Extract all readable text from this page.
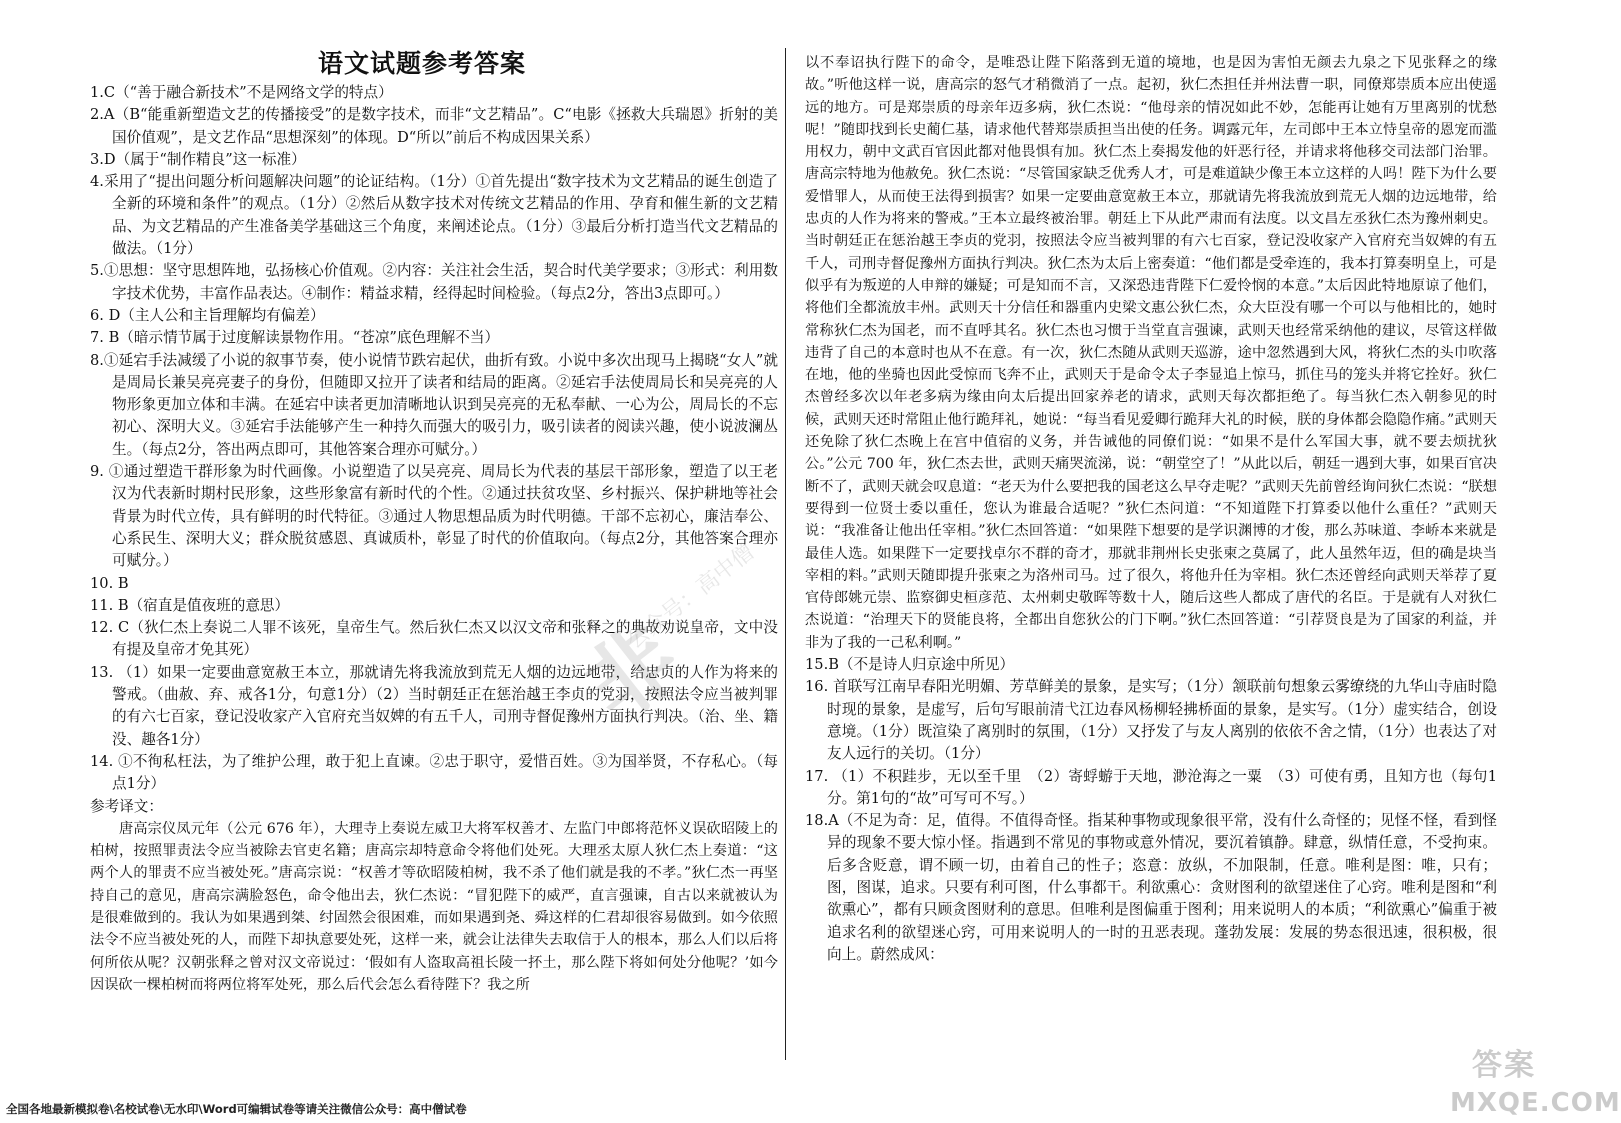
语文试题参考答案

1.C（“善于融合新技术”不是网络文学的特点）

2.A（B“能重新塑造文艺的传播接受”的是数字技术，而非“文艺精品”。C“电影《拯救大兵瑞恩》折射的美国价值观”，是文艺作品“思想深刻”的体现。D“所以”前后不构成因果关系）

3.D（属于“制作精良”这一标准）

4.采用了“提出问题分析问题解决问题”的论证结构。（1分）①首先提出“数字技术为文艺精品的诞生创造了全新的环境和条件”的观点。（1分）②然后从数字技术对传统文艺精品的作用、孕育和催生新的文艺精品、为文艺精品的产生准备美学基础这三个角度，来阐述论点。（1分）③最后分析打造当代文艺精品的做法。（1分）

5.①思想：坚守思想阵地，弘扬核心价值观。②内容：关注社会生活，契合时代美学要求；③形式：利用数字技术优势，丰富作品表达。④制作：精益求精，经得起时间检验。（每点2分，答出3点即可。）

6. D（主人公和主旨理解均有偏差）

7. B（暗示情节属于过度解读景物作用。“苍凉”底色理解不当）

8.①延宕手法减缓了小说的叙事节奏，使小说情节跌宕起伏，曲折有致。小说中多次出现马上揭晓“女人”就是周局长兼吴亮亮妻子的身份，但随即又拉开了读者和结局的距离。②延宕手法使周局长和吴亮亮的人物形象更加立体和丰满。在延宕中读者更加清晰地认识到吴亮亮的无私奉献、一心为公，周局长的不忘初心、深明大义。③延宕手法能够产生一种持久而强大的吸引力，吸引读者的阅读兴趣，使小说波澜丛生。（每点2分，答出两点即可，其他答案合理亦可赋分。）

9. ①通过塑造干群形象为时代画像。小说塑造了以吴亮亮、周局长为代表的基层干部形象，塑造了以王老汉为代表新时期村民形象，这些形象富有新时代的个性。②通过扶贫攻坚、乡村振兴、保护耕地等社会背景为时代立传，具有鲜明的时代特征。③通过人物思想品质为时代明德。干部不忘初心，廉洁奉公、心系民生、深明大义；群众脱贫感恩、真诚质朴，彰显了时代的价值取向。（每点2分，其他答案合理亦可赋分。）

10. B

11. B（宿直是值夜班的意思）

12. C（狄仁杰上奏说二人罪不该死，皇帝生气。然后狄仁杰又以汉文帝和张释之的典故劝说皇帝，文中没有提及皇帝才免其死）

13. （1）如果一定要曲意宽赦王本立，那就请先将我流放到荒无人烟的边远地带，给忠贞的人作为将来的警戒。（曲赦、弃、戒各1分，句意1分）（2）当时朝廷正在惩治越王李贞的党羽，按照法令应当被判罪的有六七百家，登记没收家产入官府充当奴婢的有五千人，司刑寺督促豫州方面执行判决。（治、坐、籍没、趣各1分）

14. ①不徇私枉法，为了维护公理，敢于犯上直谏。②忠于职守，爱惜百姓。③为国举贤，不存私心。（每点1分）

参考译文：

唐高宗仪凤元年（公元 676 年），大理寺上奏说左威卫大将军权善才、左监门中郎将范怀义误砍昭陵上的柏树，按照罪责法令应当被除去官吏名籍；唐高宗却特意命令将他们处死。大理丞太原人狄仁杰上奏道：“这两个人的罪责不应当被处死。”唐高宗说：“权善才等砍昭陵柏树，我不杀了他们就是我的不孝。”狄仁杰一再坚持自己的意见，唐高宗满脸怒色，命令他出去，狄仁杰说：“冒犯陛下的威严，直言强谏，自古以来就被认为是很难做到的。我认为如果遇到桀、纣固然会很困难，而如果遇到尧、舜这样的仁君却很容易做到。如今依照法令不应当被处死的人，而陛下却执意要处死，这样一来，就会让法律失去取信于人的根本，那么人们以后将何所依从呢？汉朝张释之曾对汉文帝说过：‘假如有人盗取高祖长陵一抔土，那么陛下将如何处分他呢？’如今因误砍一棵柏树而将两位将军处死，那么后代会怎么看待陛下？我之所

以不奉诏执行陛下的命令，是唯恐让陛下陷落到无道的境地，也是因为害怕无颜去九泉之下见张释之的缘故。”听他这样一说，唐高宗的怒气才稍微消了一点。起初，狄仁杰担任并州法曹一职，同僚郑崇质本应出使遥远的地方。可是郑崇质的母亲年迈多病，狄仁杰说：“他母亲的情况如此不妙，怎能再让她有万里离别的忧愁呢！”随即找到长史蔺仁基，请求他代替郑崇质担当出使的任务。调露元年，左司郎中王本立恃皇帝的恩宠而滥用权力，朝中文武百官因此都对他畏惧有加。狄仁杰上奏揭发他的奸恶行径，并请求将他移交司法部门治罪。唐高宗特地为他赦免。狄仁杰说：“尽管国家缺乏优秀人才，可是难道缺少像王本立这样的人吗！陛下为什么要爱惜罪人，从而使王法得到损害？如果一定要曲意宽赦王本立，那就请先将我流放到荒无人烟的边远地带，给忠贞的人作为将来的警戒。”王本立最终被治罪。朝廷上下从此严肃而有法度。以文昌左丞狄仁杰为豫州刺史。当时朝廷正在惩治越王李贞的党羽，按照法令应当被判罪的有六七百家，登记没收家产入官府充当奴婢的有五千人，司刑寺督促豫州方面执行判决。狄仁杰为太后上密奏道：“他们都是受牵连的，我本打算奏明皇上，可是似乎有为叛逆的人申辩的嫌疑；可是知而不言，又深恐违背陛下仁爱怜悯的本意。”太后因此特地原谅了他们，将他们全都流放丰州。武则天十分信任和器重内史梁文惠公狄仁杰，众大臣没有哪一个可以与他相比的，她时常称狄仁杰为国老，而不直呼其名。狄仁杰也习惯于当堂直言强谏，武则天也经常采纳他的建议，尽管这样做违背了自己的本意时也从不在意。有一次，狄仁杰随从武则天巡游，途中忽然遇到大风，将狄仁杰的头巾吹落在地，他的坐骑也因此受惊而飞奔不止，武则天于是命令太子李显追上惊马，抓住马的笼头并将它拴好。狄仁杰曾经多次以年老多病为缘由向太后提出回家养老的请求，武则天每次都拒绝了。每当狄仁杰入朝参见的时候，武则天还时常阻止他行跪拜礼，她说：“每当看见爱卿行跪拜大礼的时候，朕的身体都会隐隐作痛。”武则天还免除了狄仁杰晚上在宫中值宿的义务，并告诫他的同僚们说：“如果不是什么军国大事，就不要去烦扰狄公。”公元 700 年，狄仁杰去世，武则天痛哭流涕，说：“朝堂空了！”从此以后，朝廷一遇到大事，如果百官决断不了，武则天就会叹息道：“老天为什么要把我的国老这么早夺走呢？”武则天先前曾经询问狄仁杰说：“朕想要得到一位贤士委以重任，您认为谁最合适呢？”狄仁杰问道：“不知道陛下打算委以他什么重任？”武则天说：“我准备让他出任宰相。”狄仁杰回答道：“如果陛下想要的是学识渊博的才俊，那么苏味道、李峤本来就是最佳人选。如果陛下一定要找卓尔不群的奇才，那就非荆州长史张柬之莫属了，此人虽然年迈，但的确是块当宰相的料。”武则天随即提升张柬之为洛州司马。过了很久，将他升任为宰相。狄仁杰还曾经向武则天举荐了夏官侍郎姚元崇、监察御史桓彦范、太州刺史敬晖等数十人，随后这些人都成了唐代的名臣。于是就有人对狄仁杰说道：“治理天下的贤能良将，全都出自您狄公的门下啊。”狄仁杰回答道：“引荐贤良是为了国家的利益，并非为了我的一己私利啊。”

15.B（不是诗人归京途中所见）

16. 首联写江南早春阳光明媚、芳草鲜美的景象，是实写；（1分）颔联前句想象云雾缭绕的九华山寺庙时隐时现的景象，是虚写，后句写眼前清弋江边春风杨柳轻拂桥面的景象，是实写。（1分）虚实结合，创设意境。（1分）既渲染了离别时的氛围，（1分）又抒发了与友人离别的依依不舍之情，（1分）也表达了对友人远行的关切。（1分）

17. （1）不积跬步，无以至千里　（2）寄蜉蝣于天地，渺沧海之一粟　（3）可使有勇，且知方也（每句1分。第1句的“故”可写可不写。）

18.A（不足为奇：足，值得。不值得奇怪。指某种事物或现象很平常，没有什么奇怪的；见怪不怪，看到怪异的现象不要大惊小怪。指遇到不常见的事物或意外情况，要沉着镇静。肆意，纵情任意，不受拘束。后多含贬意，谓不顾一切，由着自己的性子；恣意：放纵，不加限制，任意。唯利是图：唯，只有；图，图谋，追求。只要有利可图，什么事都干。利欲熏心：贪财图利的欲望迷住了心窍。唯利是图和“利欲熏心”，都有只顾贪图财利的意思。但唯利是图偏重于图利；用来说明人的本质；“利欲熏心”偏重于被追求名利的欲望迷心窍，可用来说明人的一时的丑恶表现。蓬勃发展：发展的势态很迅速，很积极，很向上。蔚然成风：

非
公众号：高中僧
答案
MXQE.COM
全国各地最新模拟卷\名校试卷\无水印\Word可编辑试卷等请关注微信公众号：高中僧试卷
